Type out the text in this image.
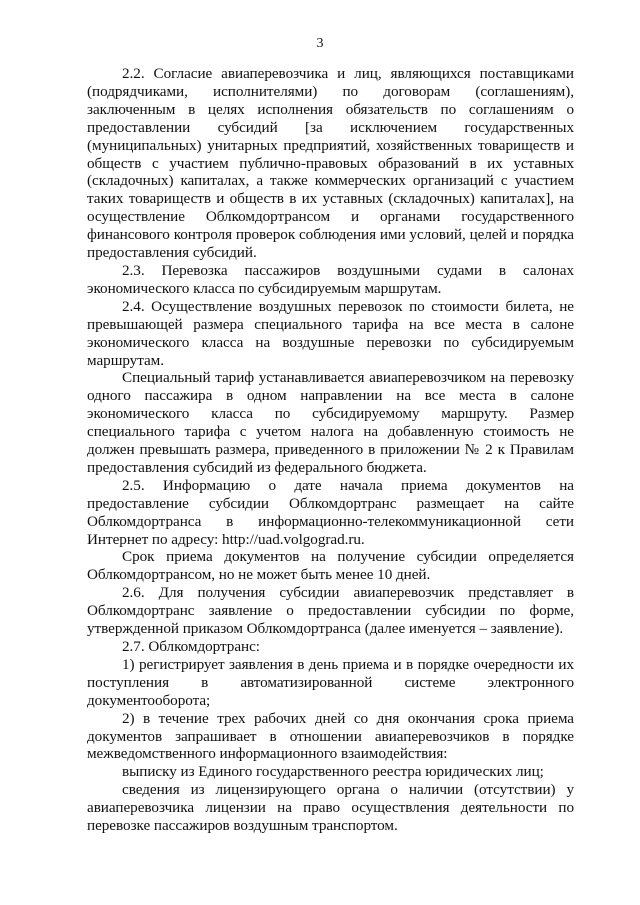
3

2.2. Согласие авиаперевозчика и лиц, являющихся поставщиками (подрядчиками, исполнителями) по договорам (соглашениям), заключенным в целях исполнения обязательств по соглашениям о предоставлении субсидий [за исключением государственных (муниципальных) унитарных предприятий, хозяйственных товариществ и обществ с участием публично-правовых образований в их уставных (складочных) капиталах, а также коммерческих организаций с участием таких товариществ и обществ в их уставных (складочных) капиталах], на осуществление Облкомдортрансом и органами государственного финансового контроля проверок соблюдения ими условий, целей и порядка предоставления субсидий.

2.3. Перевозка пассажиров воздушными судами в салонах экономического класса по субсидируемым маршрутам.

2.4. Осуществление воздушных перевозок по стоимости билета, не превышающей размера специального тарифа на все места в салоне экономического класса на воздушные перевозки по субсидируемым маршрутам.

Специальный тариф устанавливается авиаперевозчиком на перевозку одного пассажира в одном направлении на все места в салоне экономического класса по субсидируемому маршруту. Размер специального тарифа с учетом налога на добавленную стоимость не должен превышать размера, приведенного в приложении № 2 к Правилам предоставления субсидий из федерального бюджета.

2.5. Информацию о дате начала приема документов на предоставление субсидии Облкомдортранс размещает на сайте Облкомдортранса в информационно-телекоммуникационной сети Интернет по адресу: http://uad.volgograd.ru.

Срок приема документов на получение субсидии определяется Облкомдортрансом, но не может быть менее 10 дней.

2.6. Для получения субсидии авиаперевозчик представляет в Облкомдортранс заявление о предоставлении субсидии по форме, утвержденной приказом Облкомдортранса (далее именуется – заявление).

2.7. Облкомдортранс:

1) регистрирует заявления в день приема и в порядке очередности их поступления в автоматизированной системе электронного документооборота;

2) в течение трех рабочих дней со дня окончания срока приема документов запрашивает в отношении авиаперевозчиков в порядке межведомственного информационного взаимодействия:

выписку из Единого государственного реестра юридических лиц;

сведения из лицензирующего органа о наличии (отсутствии) у авиаперевозчика лицензии на право осуществления деятельности по перевозке пассажиров воздушным транспортом.
